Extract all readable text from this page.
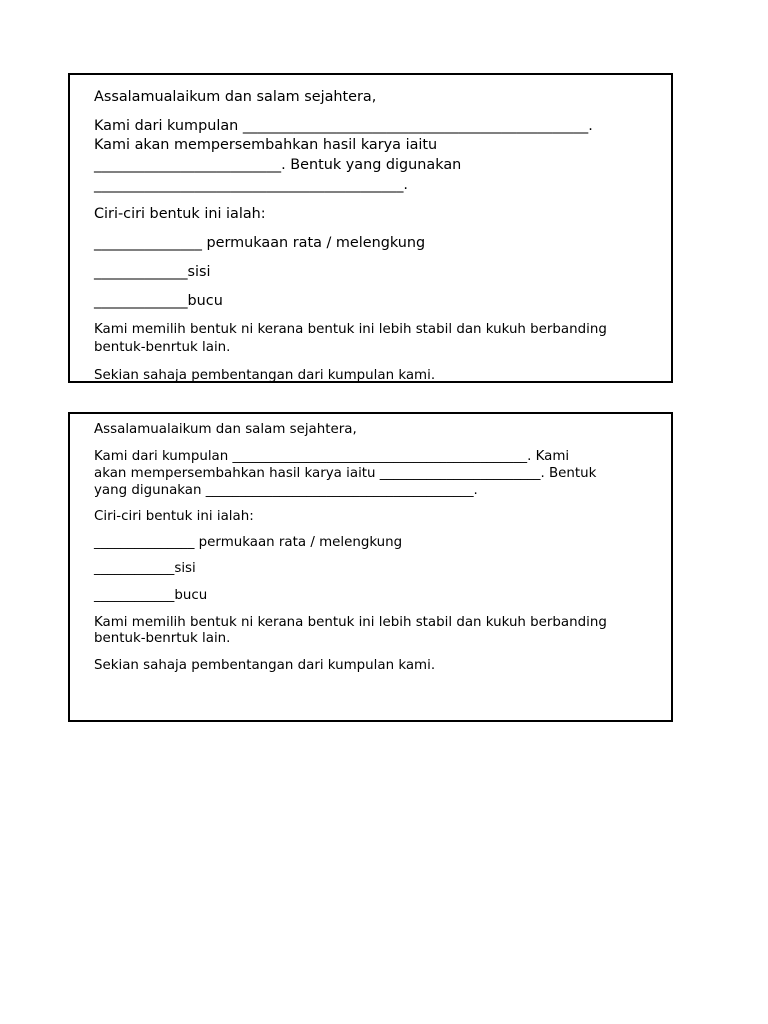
Assalamualaikum dan salam sejahtera,

Kami dari kumpulan ________________________________________________.

Kami akan mempersembahkan hasil karya iaitu

__________________________. Bentuk yang digunakan

___________________________________________.

Ciri-ciri bentuk ini ialah:

_______________ permukaan rata / melengkung

_____________sisi

_____________bucu

Kami memilih bentuk ni kerana bentuk ini lebih stabil dan kukuh berbanding

bentuk-benrtuk lain.

Sekian sahaja pembentangan dari kumpulan kami.

Assalamualaikum dan salam sejahtera,

Kami dari kumpulan ____________________________________________. Kami

akan mempersembahkan hasil karya iaitu ________________________. Bentuk

yang digunakan ________________________________________.

Ciri-ciri bentuk ini ialah:

_______________ permukaan rata / melengkung

____________sisi

____________bucu

Kami memilih bentuk ni kerana bentuk ini lebih stabil dan kukuh berbanding

bentuk-benrtuk lain.

Sekian sahaja pembentangan dari kumpulan kami.
